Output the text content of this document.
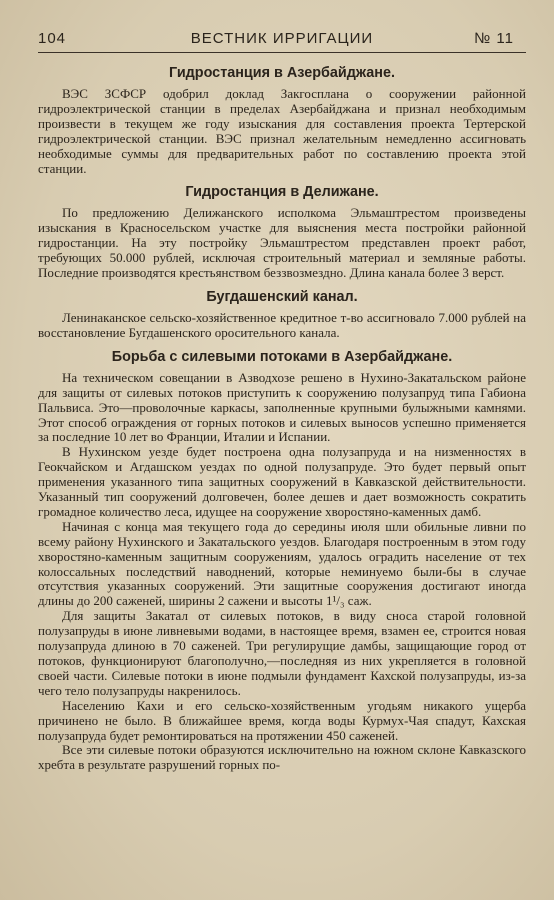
104	ВЕСТНИК ИРРИГАЦИИ	№ 11
Гидростанция в Азербайджане.

ВЭС ЗСФСР одобрил доклад Закгосплана о сооружении районной гидроэлектрической станции в пределах Азербайджана и признал необходимым произвести в текущем же году изыскания для составления проекта Тертерской гидроэлектрической станции. ВЭС признал желательным немедленно ассигновать необходимые суммы для предварительных работ по составлению проекта этой станции.

Гидростанция в Делижане.

По предложению Делижанского исполкома Эльмаштрестом произведены изыскания в Красносельском участке для выяснения места постройки районной гидростанции. На эту постройку Эльмаштрестом представлен проект работ, требующих 50.000 рублей, исключая строительный материал и земляные работы. Последние производятся крестьянством беззвозмездно. Длина канала более 3 верст.

Бугдашенский канал.

Ленинаканское сельско-хозяйственное кредитное т-во ассигновало 7.000 рублей на восстановление Бугдашенского оросительного канала.

Борьба с силевыми потоками в Азербайджане.

На техническом совещании в Азводхозе решено в Нухино-Закатальском районе для защиты от силевых потоков приступить к сооружению полузапруд типа Габиона Пальвиса. Это—проволочные каркасы, заполненные крупными булыжными камнями. Этот способ ограждения от горных потоков и силевых выносов успешно применяется за последние 10 лет во Франции, Италии и Испании.

В Нухинском уезде будет построена одна полузапруда и на низменностях в Геокчайском и Агдашском уездах по одной полузапруде. Это будет первый опыт применения указанного типа защитных сооружений в Кавказской действительности. Указанный тип сооружений долговечен, более дешев и дает возможность сократить громадное количество леса, идущее на сооружение хворостяно-каменных дамб.

Начиная с конца мая текущего года до середины июля шли обильные ливни по всему району Нухинского и Закатальского уездов. Благодаря построенным в этом году хворостяно-каменным защитным сооружениям, удалось оградить население от тех колоссальных последствий наводнений, которые неминуемо были-бы в случае отсутствия указанных сооружений. Эти защитные сооружения достигают иногда длины до 200 саженей, ширины 2 сажени и высоты 1¹/₃ саж.

Для защиты Закатал от силевых потоков, в виду сноса старой головной полузапруды в июне ливневыми водами, в настоящее время, взамен ее, строится новая полузапруда длиною в 70 саженей. Три регулирущие дамбы, защищающие город от потоков, функционируют благополучно,—последняя из них укрепляется в головной своей части. Силевые потоки в июне подмыли фундамент Кахской полузапруды, из-за чего тело полузапруды накренилось.

Населению Кахи и его сельско-хозяйственным угодьям никакого ущерба причинено не было. В ближайшее время, когда воды Курмух-Чая спадут, Кахская полузапруда будет ремонтироваться на протяжении 450 саженей.

Все эти силевые потоки образуются исключительно на южном склоне Кавказского хребта в результате разрушений горных по-
